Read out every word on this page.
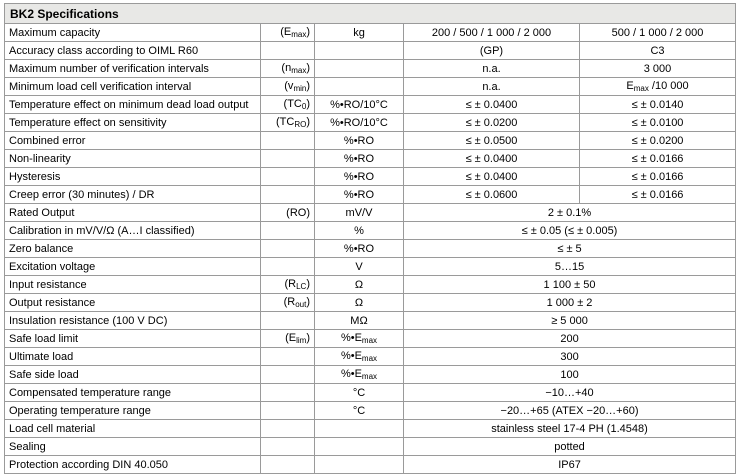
BK2 Specifications				
Maximum capacity	(Emax)	kg	200 / 500 / 1 000 / 2 000	500 / 1 000 / 2 000
Accuracy class according to OIML R60			(GP)	C3
Maximum number of verification intervals	(nmax)		n.a.	3 000
Minimum load cell verification interval	(vmin)		n.a.	Emax /10 000
Temperature effect on minimum dead load output	(TC0)	%•RO/10°C	≤ ± 0.0400	≤ ± 0.0140
Temperature effect on sensitivity	(TCRO)	%•RO/10°C	≤ ± 0.0200	≤ ± 0.0100
Combined error		%•RO	≤ ± 0.0500	≤ ± 0.0200
Non-linearity		%•RO	≤ ± 0.0400	≤ ± 0.0166
Hysteresis		%•RO	≤ ± 0.0400	≤ ± 0.0166
Creep error (30 minutes) / DR		%•RO	≤ ± 0.0600	≤ ± 0.0166
Rated Output	(RO)	mV/V	2 ± 0.1%	
Calibration in mV/V/Ω (A…I classified)		%	≤ ± 0.05 (≤ ± 0.005)	
Zero balance		%•RO	≤ ± 5	
Excitation voltage		V	5…15	
Input resistance	(RLC)	Ω	1 100 ± 50	
Output resistance	(Rout)	Ω	1 000 ± 2	
Insulation resistance (100 V DC)		MΩ	≥ 5 000	
Safe load limit	(Elim)	%•Emax	200	
Ultimate load		%•Emax	300	
Safe side load		%•Emax	100	
Compensated temperature range		°C	−10…+40	
Operating temperature range		°C	−20…+65 (ATEX −20…+60)	
Load cell material			stainless steel 17-4 PH (1.4548)	
Sealing			potted	
Protection according DIN 40.050			IP67	
